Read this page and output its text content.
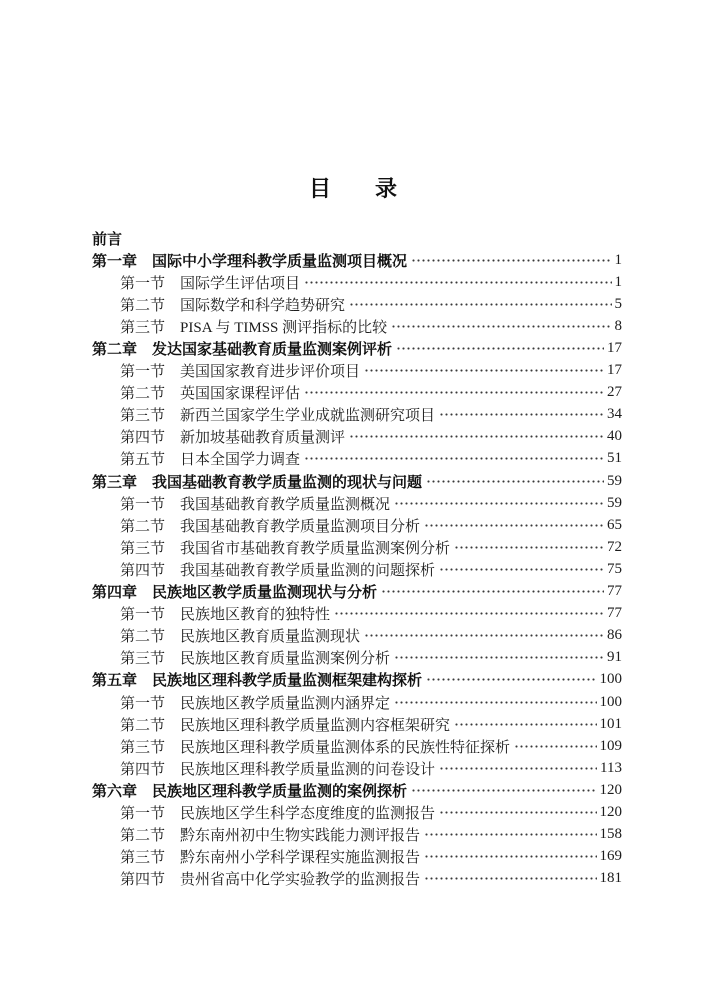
目　　录
前言
第一章 国际中小学理科教学质量监测项目概况	1
第一节 国际学生评估项目	1
第二节 国际数学和科学趋势研究	5
第三节 PISA 与 TIMSS 测评指标的比较	8
第二章 发达国家基础教育质量监测案例评析	17
第一节 美国国家教育进步评价项目	17
第二节 英国国家课程评估	27
第三节 新西兰国家学生学业成就监测研究项目	34
第四节 新加坡基础教育质量测评	40
第五节 日本全国学力调查	51
第三章 我国基础教育教学质量监测的现状与问题	59
第一节 我国基础教育教学质量监测概况	59
第二节 我国基础教育教学质量监测项目分析	65
第三节 我国省市基础教育教学质量监测案例分析	72
第四节 我国基础教育教学质量监测的问题探析	75
第四章 民族地区教学质量监测现状与分析	77
第一节 民族地区教育的独特性	77
第二节 民族地区教育质量监测现状	86
第三节 民族地区教育质量监测案例分析	91
第五章 民族地区理科教学质量监测框架建构探析	100
第一节 民族地区教学质量监测内涵界定	100
第二节 民族地区理科教学质量监测内容框架研究	101
第三节 民族地区理科教学质量监测体系的民族性特征探析	109
第四节 民族地区理科教学质量监测的问卷设计	113
第六章 民族地区理科教学质量监测的案例探析	120
第一节 民族地区学生科学态度维度的监测报告	120
第二节 黔东南州初中生物实践能力测评报告	158
第三节 黔东南州小学科学课程实施监测报告	169
第四节 贵州省高中化学实验教学的监测报告	181
